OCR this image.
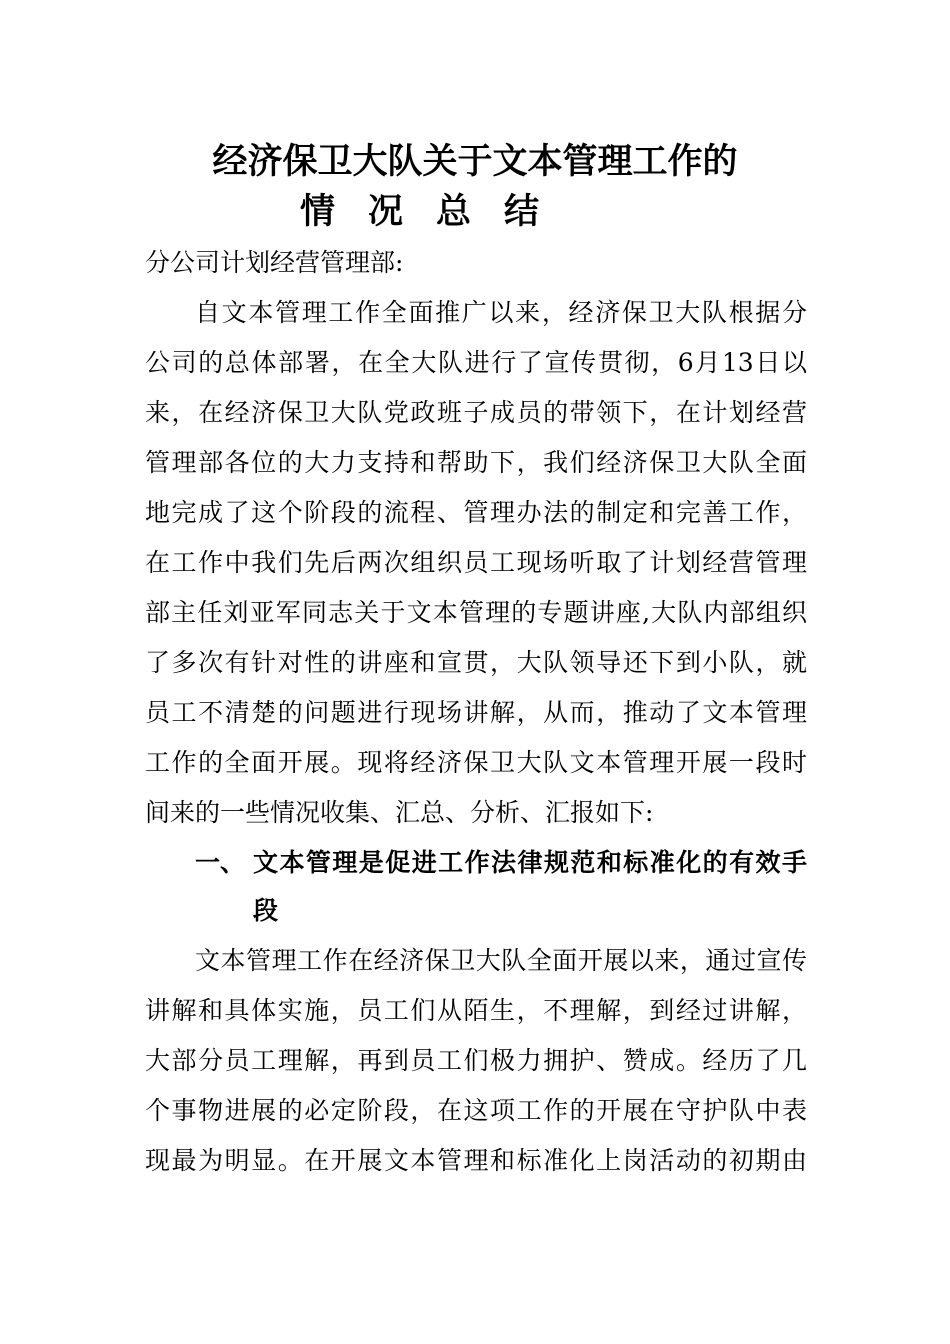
经济保卫大队关于文本管理工作的
情况总结
分公司计划经营管理部:
自文本管理工作全面推广以来，经济保卫大队根据分
公司的总体部署，在全大队进行了宣传贯彻，6月13日以
来，在经济保卫大队党政班子成员的带领下，在计划经营
管理部各位的大力支持和帮助下，我们经济保卫大队全面
地完成了这个阶段的流程、管理办法的制定和完善工作，
在工作中我们先后两次组织员工现场听取了计划经营管理
部主任刘亚军同志关于文本管理的专题讲座,大队内部组织
了多次有针对性的讲座和宣贯，大队领导还下到小队，就
员工不清楚的问题进行现场讲解，从而，推动了文本管理
工作的全面开展。现将经济保卫大队文本管理开展一段时
间来的一些情况收集、汇总、分析、汇报如下:
一、 文本管理是促进工作法律规范和标准化的有效手
段
文本管理工作在经济保卫大队全面开展以来，通过宣传
讲解和具体实施，员工们从陌生，不理解，到经过讲解，
大部分员工理解，再到员工们极力拥护、赞成。经历了几
个事物进展的必定阶段，在这项工作的开展在守护队中表
现最为明显。在开展文本管理和标准化上岗活动的初期由
